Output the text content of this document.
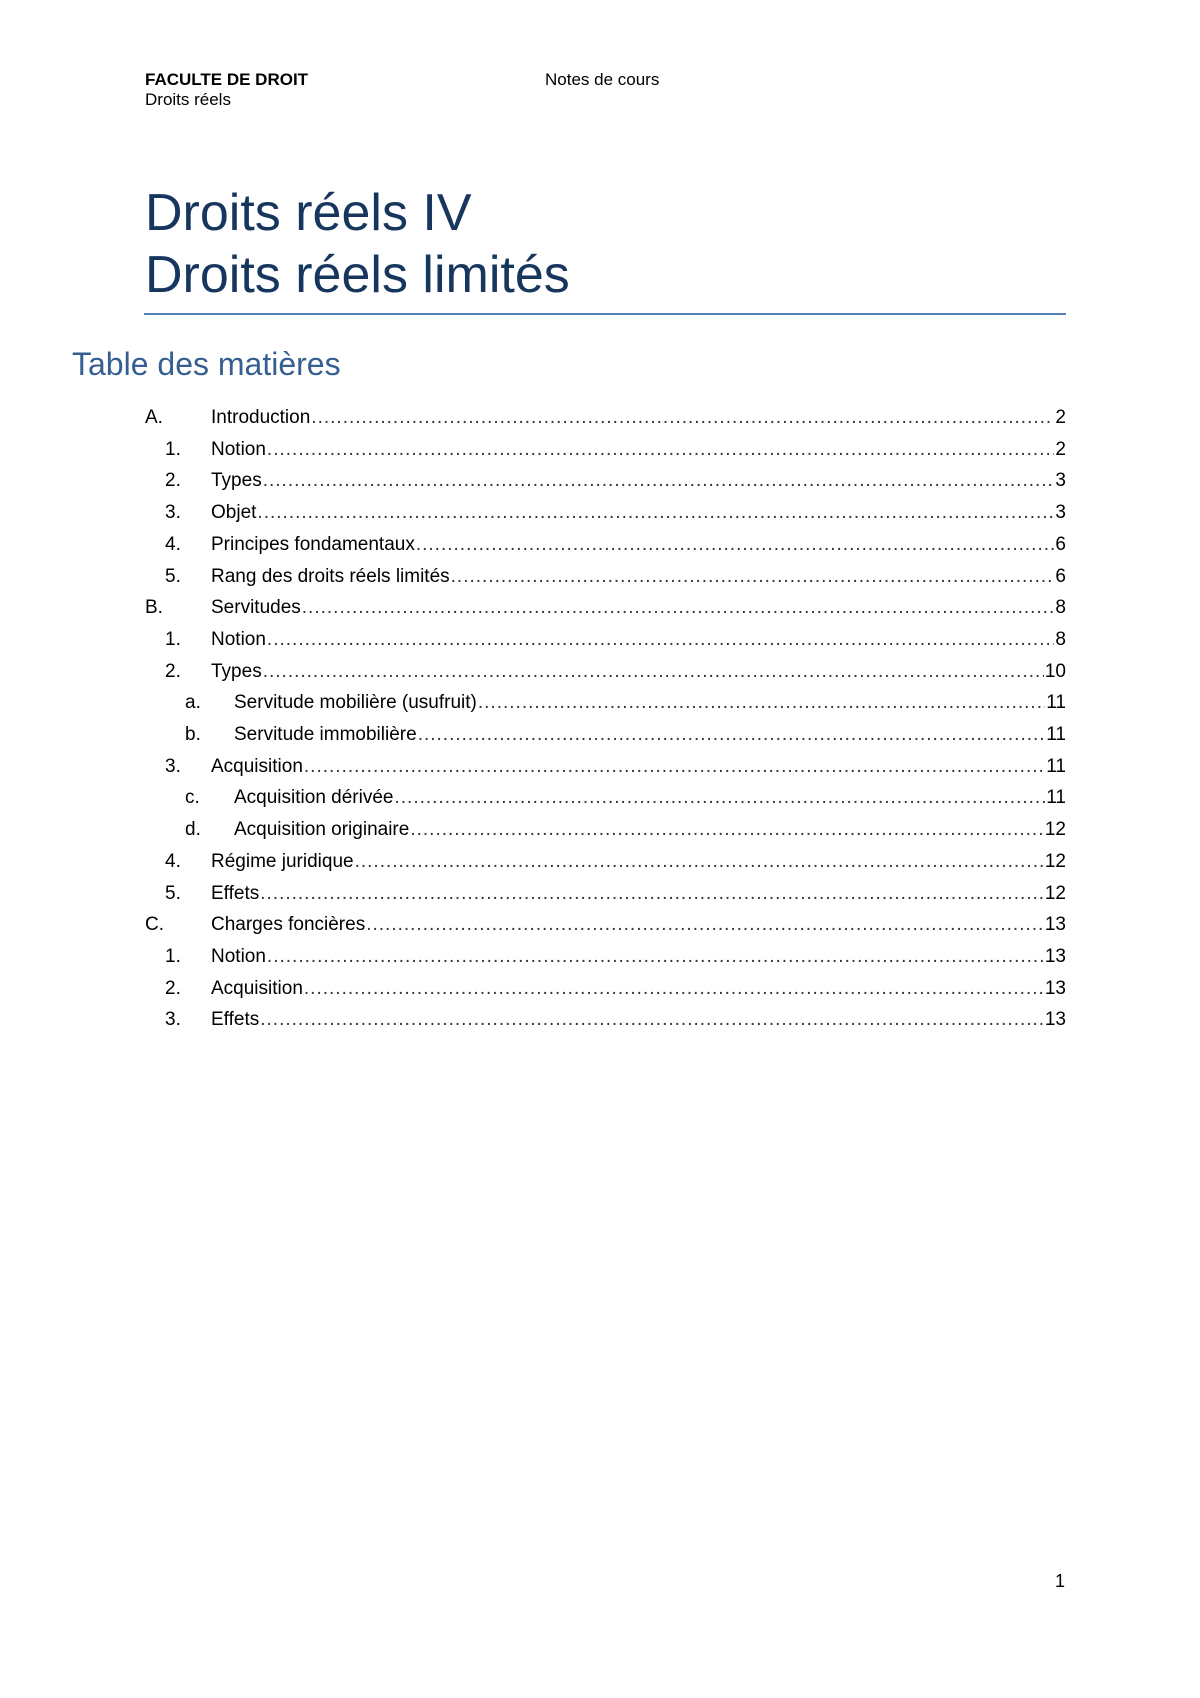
FACULTE DE DROIT
Droits réels
Notes de cours
Droits réels IV
Droits réels limités
Table des matières
A.	Introduction .....	2
1. Notion .....	2
2. Types .....	3
3. Objet .....	3
4. Principes fondamentaux .....	6
5. Rang des droits réels limités .....	6
B.	Servitudes .....	8
1. Notion .....	8
2. Types .....	10
a. Servitude mobilière (usufruit) .....	11
b. Servitude immobilière .....	11
3. Acquisition .....	11
c. Acquisition dérivée .....	11
d. Acquisition originaire .....	12
4. Régime juridique .....	12
5. Effets .....	12
C. Charges foncières .....	13
1. Notion .....	13
2. Acquisition .....	13
3. Effets .....	13
1
